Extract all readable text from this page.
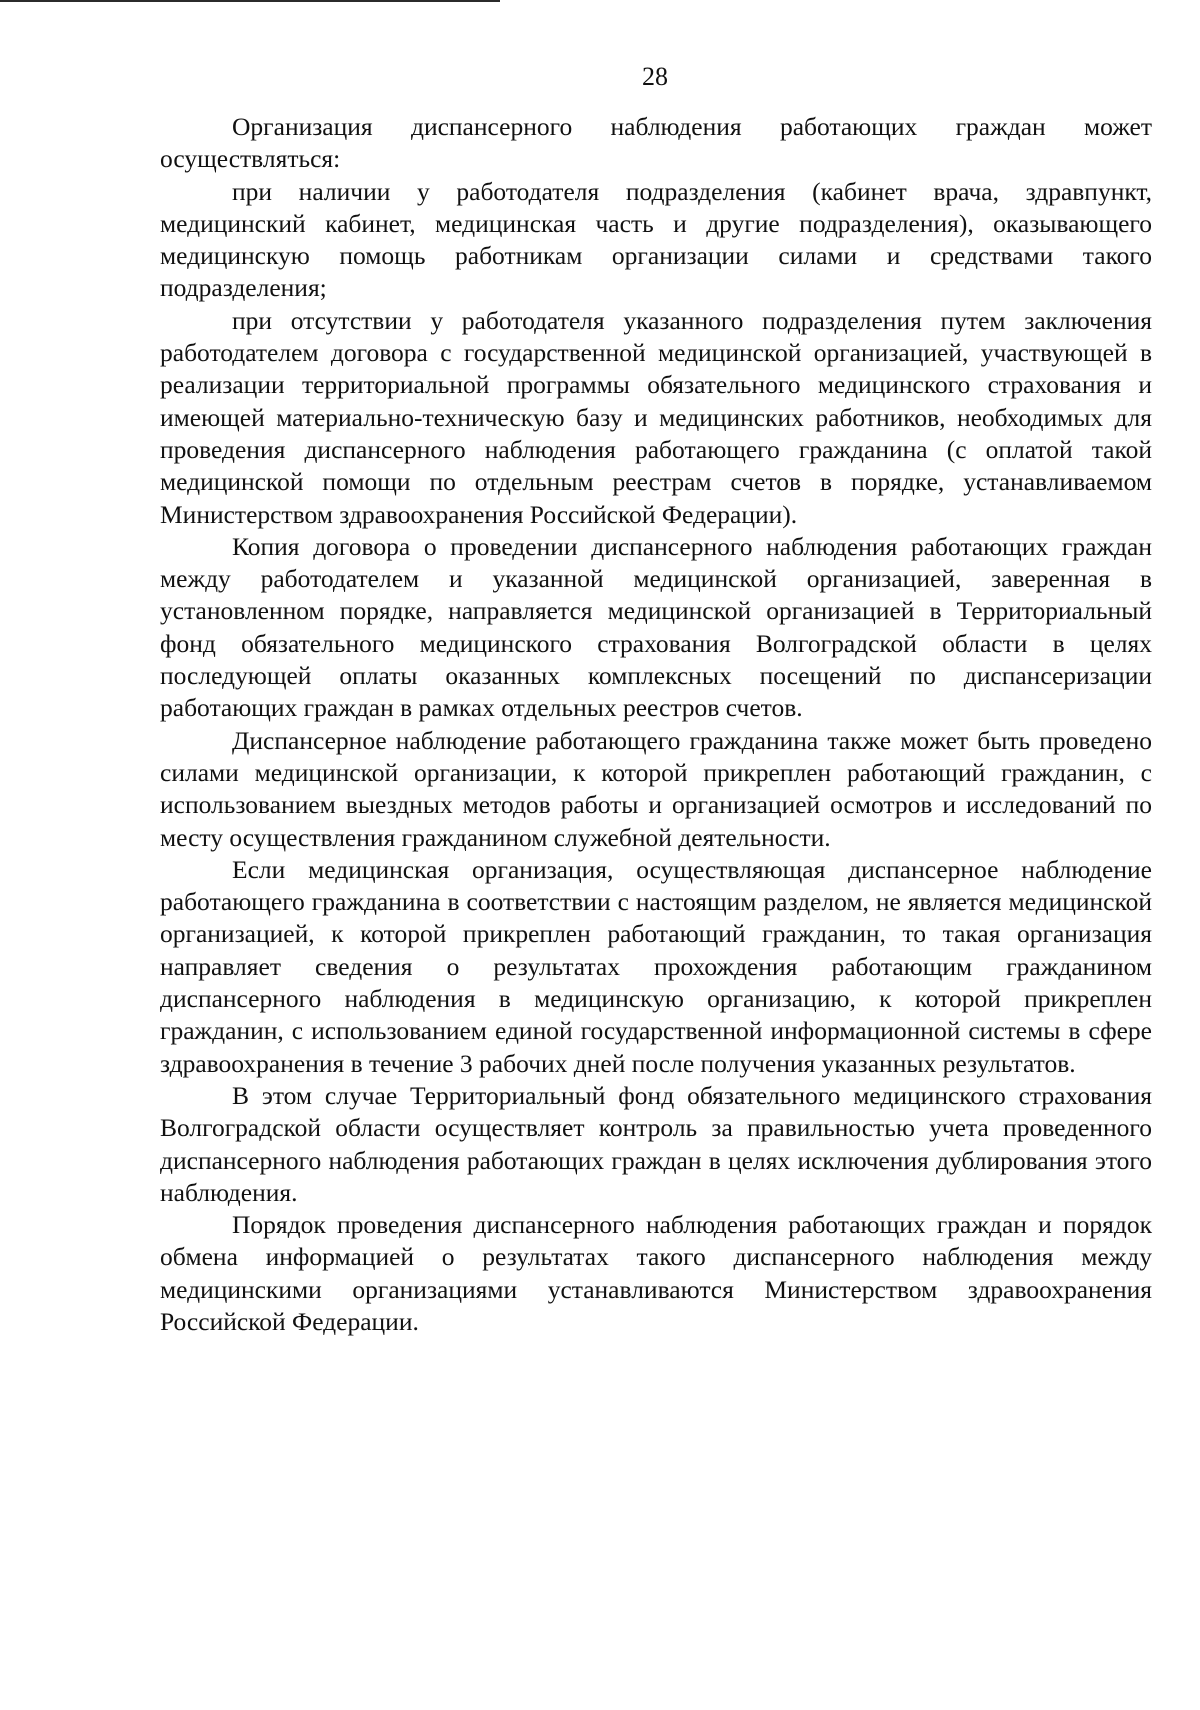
28

Организация диспансерного наблюдения работающих граждан может осуществляться:

при наличии у работодателя подразделения (кабинет врача, здравпункт, медицинский кабинет, медицинская часть и другие подразделения), оказывающего медицинскую помощь работникам организации силами и средствами такого подразделения;

при отсутствии у работодателя указанного подразделения путем заключения работодателем договора с государственной медицинской организацией, участвующей в реализации территориальной программы обязательного медицинского страхования и имеющей материально-техническую базу и медицинских работников, необходимых для проведения диспансерного наблюдения работающего гражданина (с оплатой такой медицинской помощи по отдельным реестрам счетов в порядке, устанавливаемом Министерством здравоохранения Российской Федерации).

Копия договора о проведении диспансерного наблюдения работающих граждан между работодателем и указанной медицинской организацией, заверенная в установленном порядке, направляется медицинской организацией в Территориальный фонд обязательного медицинского страхования Волгоградской области в целях последующей оплаты оказанных комплексных посещений по диспансеризации работающих граждан в рамках отдельных реестров счетов.

Диспансерное наблюдение работающего гражданина также может быть проведено силами медицинской организации, к которой прикреплен работающий гражданин, с использованием выездных методов работы и организацией осмотров и исследований по месту осуществления гражданином служебной деятельности.

Если медицинская организация, осуществляющая диспансерное наблюдение работающего гражданина в соответствии с настоящим разделом, не является медицинской организацией, к которой прикреплен работающий гражданин, то такая организация направляет сведения о результатах прохождения работающим гражданином диспансерного наблюдения в медицинскую организацию, к которой прикреплен гражданин, с использованием единой государственной информационной системы в сфере здравоохранения в течение 3 рабочих дней после получения указанных результатов.

В этом случае Территориальный фонд обязательного медицинского страхования Волгоградской области осуществляет контроль за правильностью учета проведенного диспансерного наблюдения работающих граждан в целях исключения дублирования этого наблюдения.

Порядок проведения диспансерного наблюдения работающих граждан и порядок обмена информацией о результатах такого диспансерного наблюдения между медицинскими организациями устанавливаются Министерством здравоохранения Российской Федерации.
